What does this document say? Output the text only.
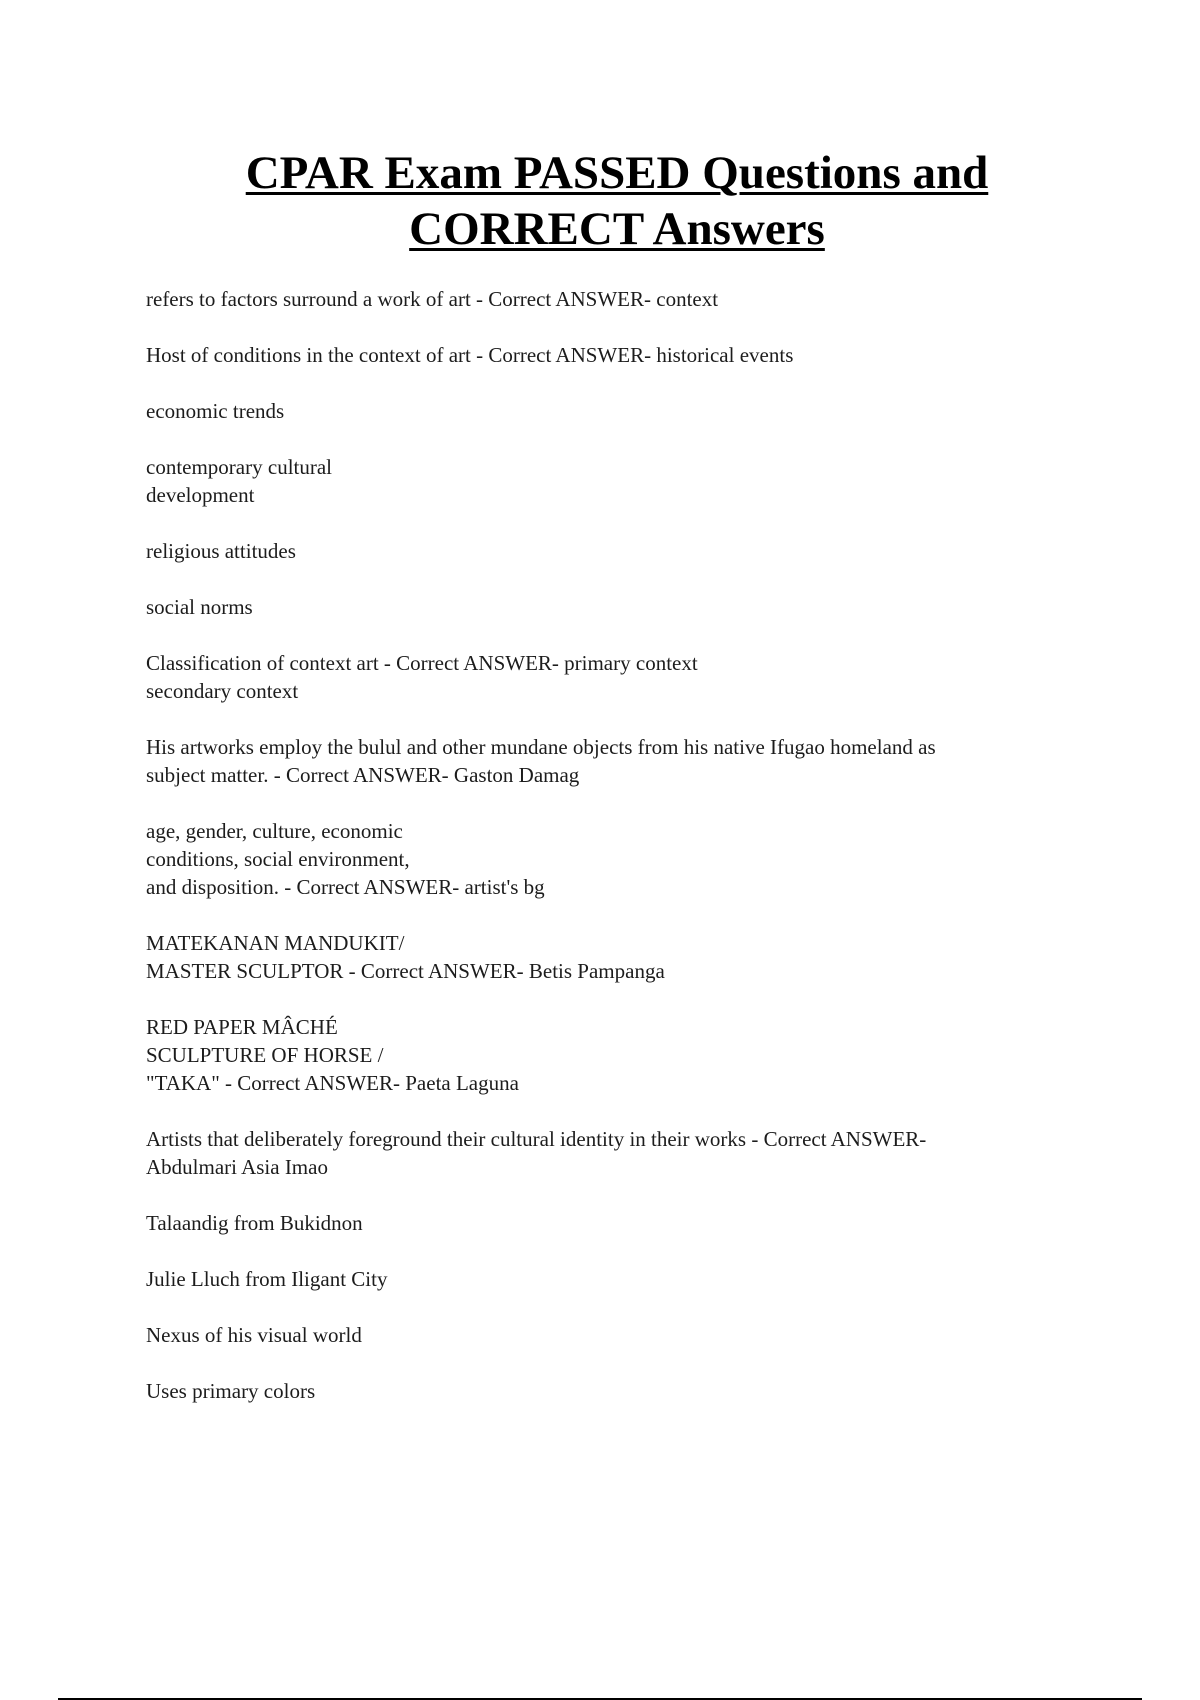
CPAR Exam PASSED Questions and
CORRECT Answers
refers to factors surround a work of art - Correct ANSWER- context
Host of conditions in the context of art - Correct ANSWER- historical events
economic trends
contemporary cultural
development
religious attitudes
social norms
Classification of context art - Correct ANSWER- primary context
secondary context
His artworks employ the bulul and other mundane objects from his native Ifugao homeland as
subject matter. - Correct ANSWER- Gaston Damag
age, gender, culture, economic
conditions, social environment,
and disposition. - Correct ANSWER- artist's bg
MATEKANAN MANDUKIT/
MASTER SCULPTOR - Correct ANSWER- Betis Pampanga
RED PAPER MÂCHÉ
SCULPTURE OF HORSE /
"TAKA" - Correct ANSWER- Paeta Laguna
Artists that deliberately foreground their cultural identity in their works - Correct ANSWER-
Abdulmari Asia Imao
Talaandig from Bukidnon
Julie Lluch from Iligant City
Nexus of his visual world
Uses primary colors
